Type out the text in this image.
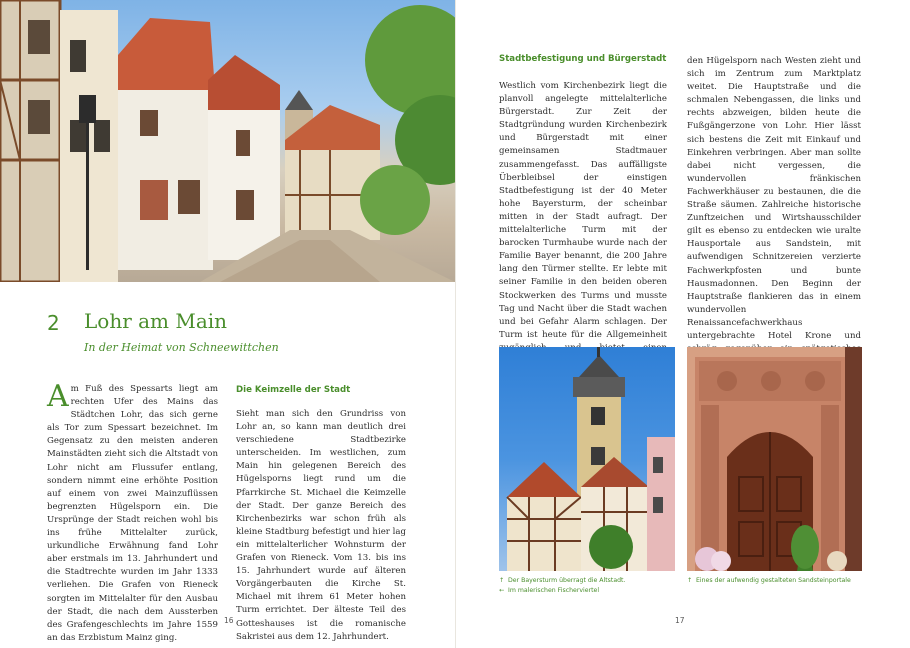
2 Lohr am Main
In der Heimat von Schneewittchen

Am Fuß des Spessarts liegt am rechten Ufer des Mains das Städtchen Lohr, das sich gerne als Tor zum Spessart bezeichnet. Im Gegensatz zu den meisten anderen Mainstädten zieht sich die Altstadt von Lohr nicht am Flussufer entlang, sondern nimmt eine erhöhte Position auf einem von zwei Mainzuflüssen begrenzten Hügelsporn ein. Die Ursprünge der Stadt reichen wohl bis ins frühe Mittelalter zurück, urkundliche Erwähnung fand Lohr aber erstmals im 13. Jahrhundert und die Stadtrechte wurden im Jahr 1333 verliehen. Die Grafen von Rieneck sorgten im Mittelalter für den Ausbau der Stadt, die nach dem Aussterben des Grafengeschlechts im Jahre 1559 an das Erzbistum Mainz ging.

Die Keimzelle der Stadt

Sieht man sich den Grundriss von Lohr an, so kann man deutlich drei verschiedene Stadtbezirke unterscheiden. Im westlichen, zum Main hin gelegenen Bereich des Hügelsporns liegt rund um die Pfarrkirche St. Michael die Keimzelle der Stadt. Der ganze Bereich des Kirchenbezirks war schon früh als kleine Stadtburg befestigt und hier lag ein mittelalterlicher Wohnsturm der Grafen von Rieneck. Vom 13. bis ins 15. Jahrhundert wurde auf älteren Vorgängerbauten die Kirche St. Michael mit ihrem 61 Meter hohen Turm errichtet. Der älteste Teil des Gotteshauses ist die romanische Sakristei aus dem 12. Jahrhundert.

Stadtbefestigung und Bürgerstadt

Westlich vom Kirchenbezirk liegt die planvoll angelegte mittelalterliche Bürgerstadt. Zur Zeit der Stadtgründung wurden Kirchenbezirk und Bürgerstadt mit einer gemeinsamen Stadtmauer zusammengefasst. Das auffälligste Überbleibsel der einstigen Stadtbefestigung ist der 40 Meter hohe Bayersturm, der scheinbar mitten in der Stadt aufragt. Der mittelalterliche Turm mit der barocken Turmhaube wurde nach der Familie Bayer benannt, die 200 Jahre lang den Türmer stellte. Er lebte mit seiner Familie in den beiden oberen Stockwerken des Turms und musste Tag und Nacht über die Stadt wachen und bei Gefahr Alarm schlagen. Der Turm ist heute für die Allgemeinheit

den Hügelsporn nach Westen zieht und sich im Zentrum zum Marktplatz weitet. Die Hauptstraße und die schmalen Nebengassen, die links und rechts abzweigen, bilden heute die Fußgängerzone von Lohr. Hier lässt sich bestens die Zeit mit Einkauf und Einkehren verbringen. Aber man sollte dabei nicht vergessen, die wundervollen fränkischen Fachwerkhäuser zu bestaunen, die die Straße säumen. Zahlreiche historische Zunftzeichen und Wirtshausschilder gilt es ebenso zu entdecken wie uralte Hausportale aus Sandstein, mit aufwendigen Schnitzereien verzierte Fachwerkpfosten und bunte Hausmadonnen. Den Beginn der Hauptstraße flankieren das in einem wundervollen Renaissancefachwerkhaus untergebrachte Hotel Krone und

↑ Der Bayersturm überragt die Altstadt.
← Im malerischen Fischerviertel
↑ Eines der aufwendig gestalteten Sandsteinportale
16	17
